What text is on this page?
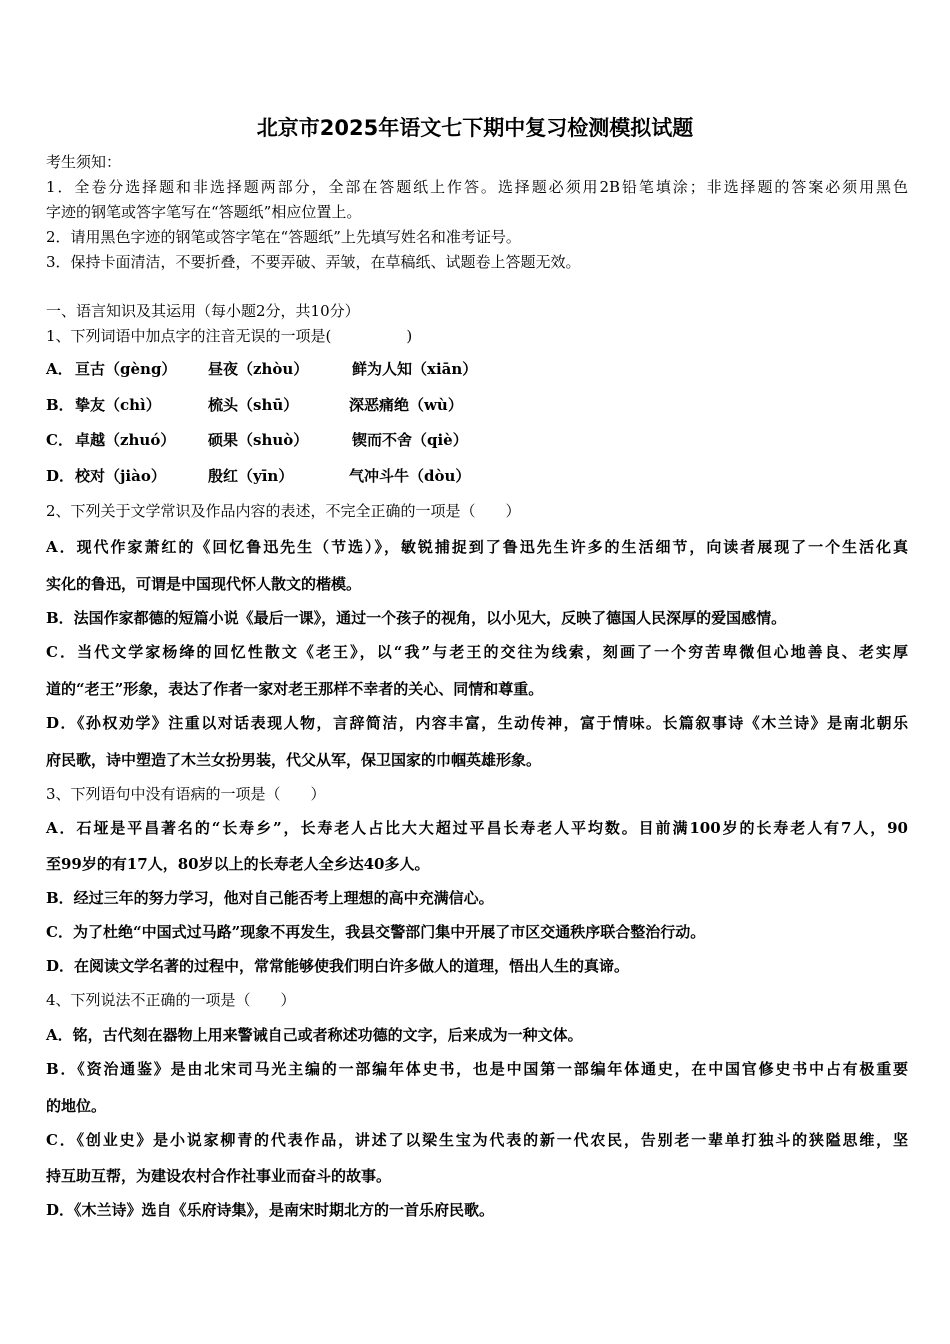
北京市2025年语文七下期中复习检测模拟试题
考生须知：
1．全卷分选择题和非选择题两部分，全部在答题纸上作答。选择题必须用2B铅笔填涂；非选择题的答案必须用黑色
字迹的钢笔或答字笔写在“答题纸”相应位置上。
2．请用黑色字迹的钢笔或答字笔在“答题纸”上先填写姓名和准考证号。
3．保持卡面清洁，不要折叠，不要弄破、弄皱，在草稿纸、试题卷上答题无效。
一、语言知识及其运用（每小题2分，共10分）
1、下列词语中加点字的注音无误的一项是(　　　　　)
A． 亘古（gèng） 昼夜（zhòu）	鲜为人知（xiān）
B． 挚友（chì）	梳头（shū）	深恶痛绝（wù）
C． 卓越（zhuó） 硕果（shuò）	锲而不舍（qiè）
D． 校对（jiào）	殷红（yīn）	气冲斗牛（dòu）
2、下列关于文学常识及作品内容的表述，不完全正确的一项是（　　）
A．现代作家萧红的《回忆鲁迅先生（节选）》，敏锐捕捉到了鲁迅先生许多的生活细节，向读者展现了一个生活化真
实化的鲁迅，可谓是中国现代怀人散文的楷模。
B．法国作家都德的短篇小说《最后一课》，通过一个孩子的视角，以小见大，反映了德国人民深厚的爱国感情。
C．当代文学家杨绛的回忆性散文《老王》，以“我”与老王的交往为线索，刻画了一个穷苦卑微但心地善良、老实厚
道的“老王”形象，表达了作者一家对老王那样不幸者的关心、同情和尊重。
D．《孙权劝学》注重以对话表现人物，言辞简洁，内容丰富，生动传神，富于情味。长篇叙事诗《木兰诗》是南北朝乐
府民歌，诗中塑造了木兰女扮男装，代父从军，保卫国家的巾帼英雄形象。
3、下列语句中没有语病的一项是（　　）
A．石垭是平昌著名的“长寿乡”，长寿老人占比大大超过平昌长寿老人平均数。目前满100岁的长寿老人有7人，90
至99岁的有17人，80岁以上的长寿老人全乡达40多人。
B．经过三年的努力学习，他对自己能否考上理想的高中充满信心。
C．为了杜绝“中国式过马路”现象不再发生，我县交警部门集中开展了市区交通秩序联合整治行动。
D．在阅读文学名著的过程中，常常能够使我们明白许多做人的道理，悟出人生的真谛。
4、下列说法不正确的一项是（　　）
A．铭，古代刻在器物上用来警诫自己或者称述功德的文字，后来成为一种文体。
B．《资治通鉴》是由北宋司马光主编的一部编年体史书，也是中国第一部编年体通史，在中国官修史书中占有极重要
的地位。
C．《创业史》是小说家柳青的代表作品，讲述了以梁生宝为代表的新一代农民，告别老一辈单打独斗的狭隘思维，坚
持互助互帮，为建设农村合作社事业而奋斗的故事。
D．《木兰诗》选自《乐府诗集》，是南宋时期北方的一首乐府民歌。
